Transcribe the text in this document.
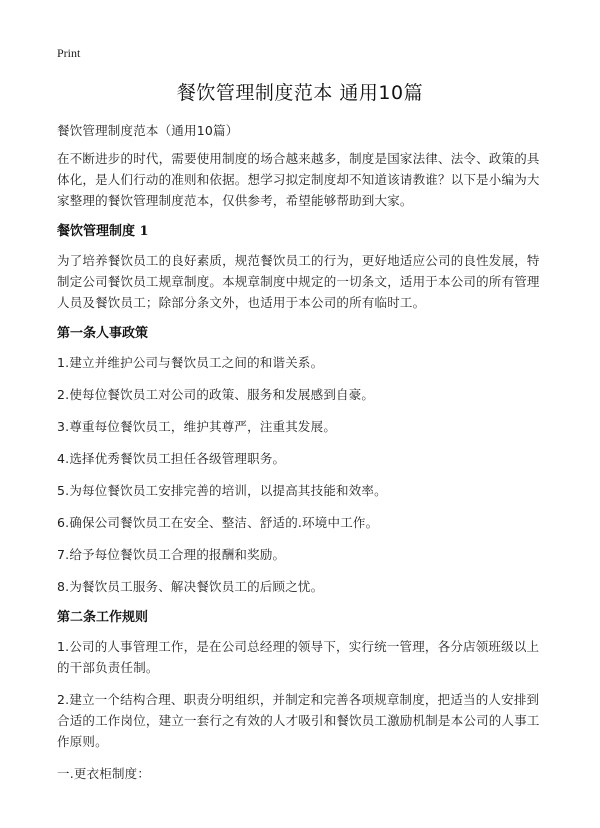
Print
餐饮管理制度范本 通用10篇

餐饮管理制度范本（通用10篇）

在不断进步的时代，需要使用制度的场合越来越多，制度是国家法律、法令、政策的具体化，是人们行动的准则和依据。想学习拟定制度却不知道该请教谁？以下是小编为大家整理的餐饮管理制度范本，仅供参考，希望能够帮助到大家。

餐饮管理制度 1

为了培养餐饮员工的良好素质，规范餐饮员工的行为，更好地适应公司的良性发展，特制定公司餐饮员工规章制度。本规章制度中规定的一切条文，适用于本公司的所有管理人员及餐饮员工；除部分条文外，也适用于本公司的所有临时工。

第一条人事政策

1.建立并维护公司与餐饮员工之间的和谐关系。

2.使每位餐饮员工对公司的政策、服务和发展感到自豪。

3.尊重每位餐饮员工，维护其尊严，注重其发展。

4.选择优秀餐饮员工担任各级管理职务。

5.为每位餐饮员工安排完善的培训，以提高其技能和效率。

6.确保公司餐饮员工在安全、整洁、舒适的.环境中工作。

7.给予每位餐饮员工合理的报酬和奖励。

8.为餐饮员工服务、解决餐饮员工的后顾之忧。

第二条工作规则

1.公司的人事管理工作，是在公司总经理的领导下，实行统一管理，各分店领班级以上的干部负责任制。

2.建立一个结构合理、职责分明组织，并制定和完善各项规章制度，把适当的人安排到合适的工作岗位，建立一套行之有效的人才吸引和餐饮员工激励机制是本公司的人事工作原则。

一.更衣柜制度：
